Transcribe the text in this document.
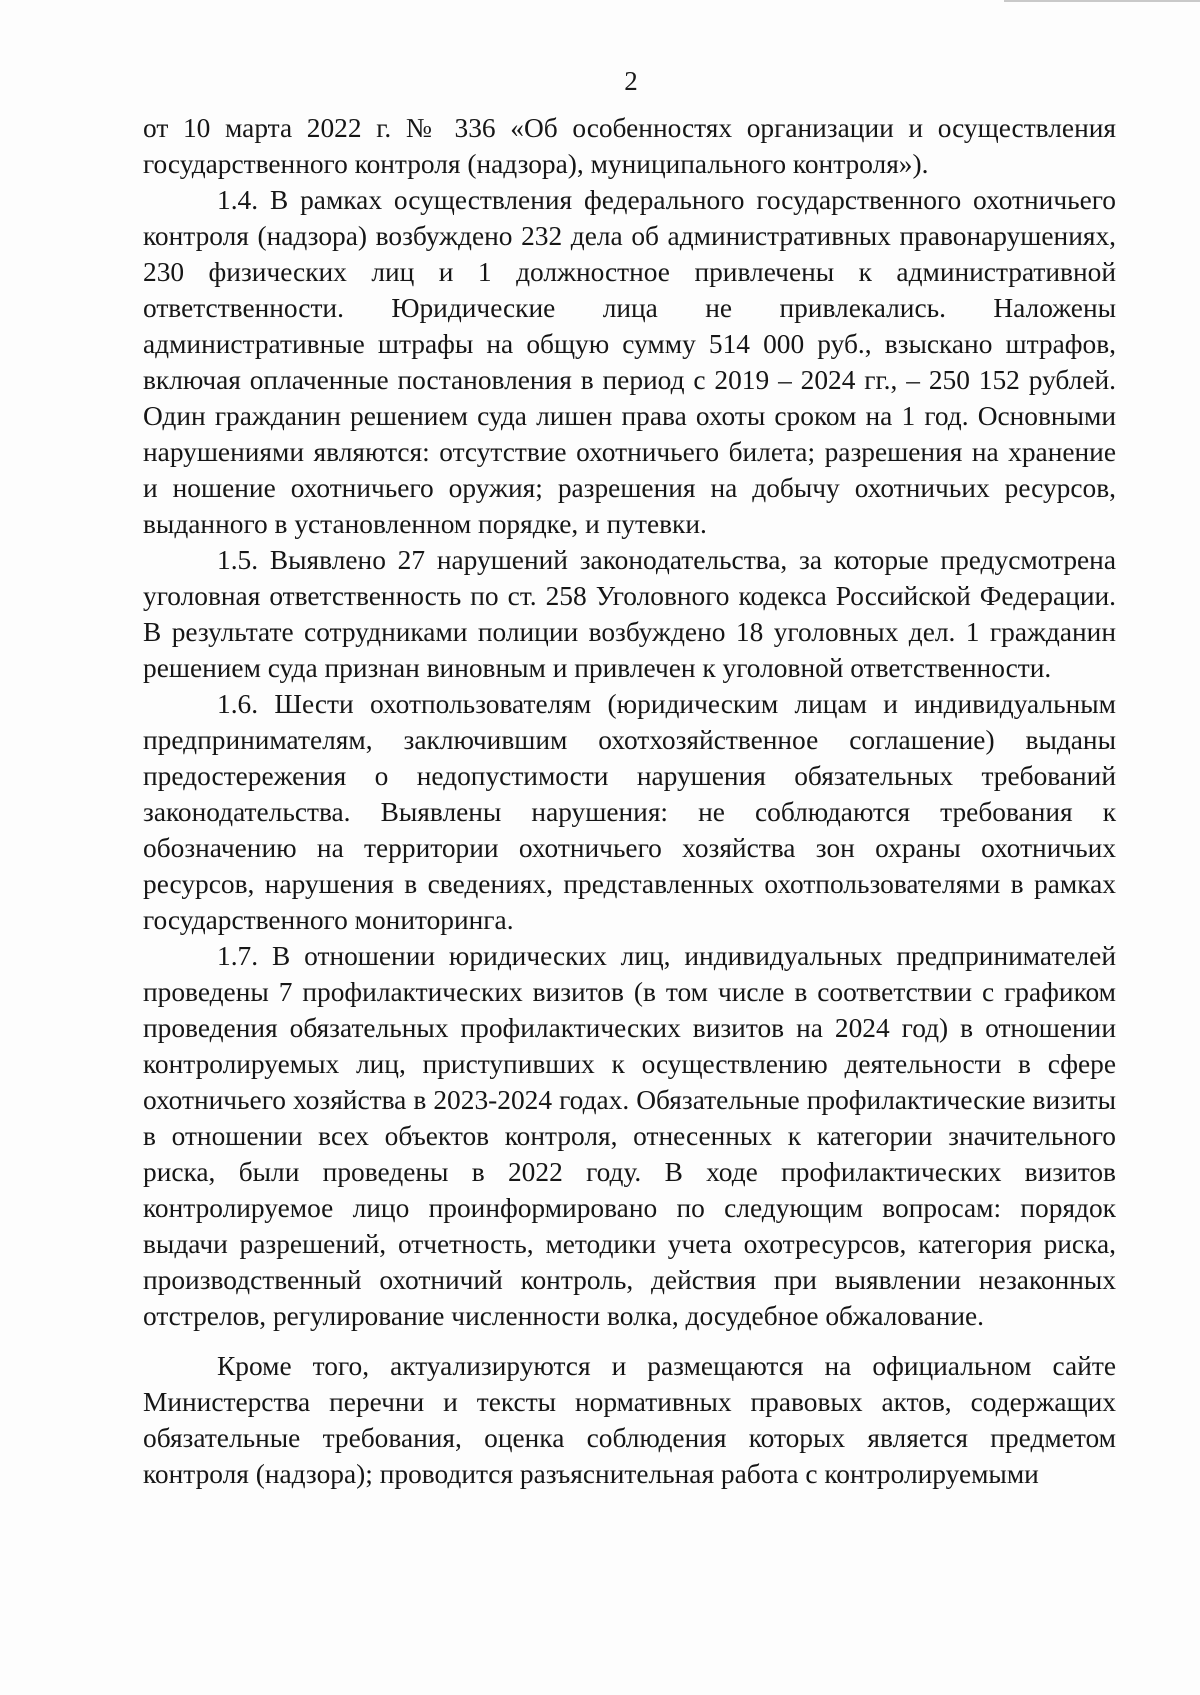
2

от 10 марта 2022 г. № 336 «Об особенностях организации и осуществления государственного контроля (надзора), муниципального контроля»).

1.4. В рамках осуществления федерального государственного охотничьего контроля (надзора) возбуждено 232 дела об административных правонарушениях, 230 физических лиц и 1 должностное привлечены к административной ответственности. Юридические лица не привлекались. Наложены административные штрафы на общую сумму 514 000 руб., взыскано штрафов, включая оплаченные постановления в период с 2019 – 2024 гг., – 250 152 рублей. Один гражданин решением суда лишен права охоты сроком на 1 год. Основными нарушениями являются: отсутствие охотничьего билета; разрешения на хранение и ношение охотничьего оружия; разрешения на добычу охотничьих ресурсов, выданного в установленном порядке, и путевки.

1.5. Выявлено 27 нарушений законодательства, за которые предусмотрена уголовная ответственность по ст. 258 Уголовного кодекса Российской Федерации. В результате сотрудниками полиции возбуждено 18 уголовных дел. 1 гражданин решением суда признан виновным и привлечен к уголовной ответственности.

1.6. Шести охотпользователям (юридическим лицам и индивидуальным предпринимателям, заключившим охотхозяйственное соглашение) выданы предостережения о недопустимости нарушения обязательных требований законодательства. Выявлены нарушения: не соблюдаются требования к обозначению на территории охотничьего хозяйства зон охраны охотничьих ресурсов, нарушения в сведениях, представленных охотпользователями в рамках государственного мониторинга.

1.7. В отношении юридических лиц, индивидуальных предпринимателей проведены 7 профилактических визитов (в том числе в соответствии с графиком проведения обязательных профилактических визитов на 2024 год) в отношении контролируемых лиц, приступивших к осуществлению деятельности в сфере охотничьего хозяйства в 2023-2024 годах. Обязательные профилактические визиты в отношении всех объектов контроля, отнесенных к категории значительного риска, были проведены в 2022 году. В ходе профилактических визитов контролируемое лицо проинформировано по следующим вопросам: порядок выдачи разрешений, отчетность, методики учета охотресурсов, категория риска, производственный охотничий контроль, действия при выявлении незаконных отстрелов, регулирование численности волка, досудебное обжалование.

Кроме того, актуализируются и размещаются на официальном сайте Министерства перечни и тексты нормативных правовых актов, содержащих обязательные требования, оценка соблюдения которых является предметом контроля (надзора); проводится разъяснительная работа с контролируемыми
